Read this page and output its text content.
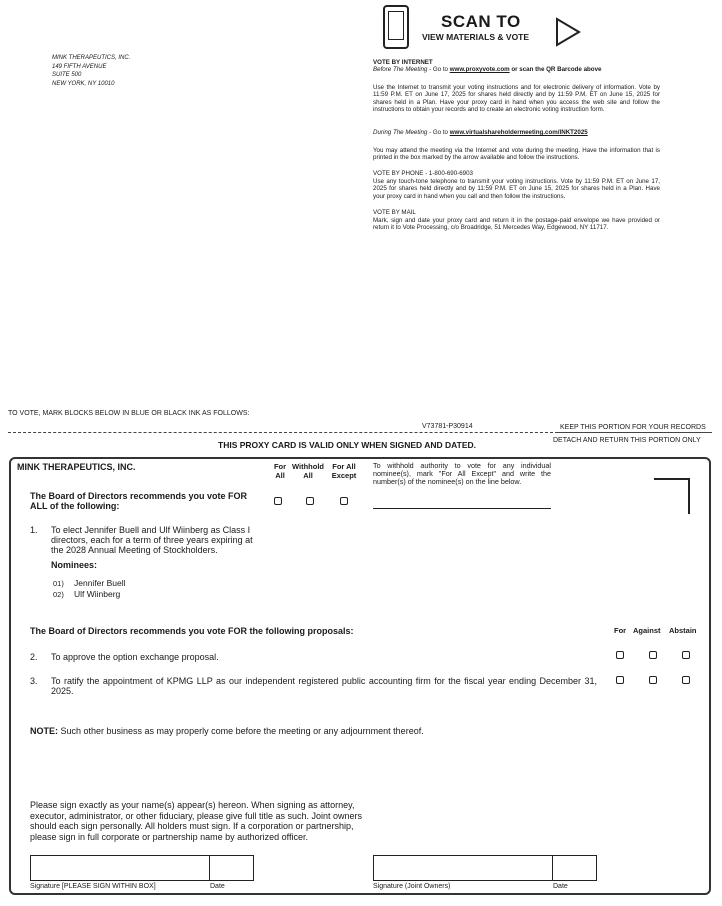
MINK THERAPEUTICS, INC.
149 FIFTH AVENUE
SUITE 500
NEW YORK, NY 10010
SCAN TO
VIEW MATERIALS & VOTE
VOTE BY INTERNET
Before The Meeting - Go to www.proxyvote.com or scan the QR Barcode above
Use the Internet to transmit your voting instructions and for electronic delivery of information. Vote by 11:59 P.M. ET on June 17, 2025 for shares held directly and by 11:59 P.M. ET on June 15, 2025 for shares held in a Plan. Have your proxy card in hand when you access the web site and follow the instructions to obtain your records and to create an electronic voting instruction form.
During The Meeting - Go to www.virtualshareholdermeeting.com/INKT2025
You may attend the meeting via the Internet and vote during the meeting. Have the information that is printed in the box marked by the arrow available and follow the instructions.
VOTE BY PHONE - 1-800-690-6903
Use any touch-tone telephone to transmit your voting instructions. Vote by 11:59 P.M. ET on June 17, 2025 for shares held directly and by 11:59 P.M. ET on June 15, 2025 for shares held in a Plan. Have your proxy card in hand when you call and then follow the instructions.
VOTE BY MAIL
Mark, sign and date your proxy card and return it in the postage-paid envelope we have provided or return it to Vote Processing, c/o Broadridge, 51 Mercedes Way, Edgewood, NY 11717.
TO VOTE, MARK BLOCKS BELOW IN BLUE OR BLACK INK AS FOLLOWS:
V73781-P30914	KEEP THIS PORTION FOR YOUR RECORDS
DETACH AND RETURN THIS PORTION ONLY
THIS PROXY CARD IS VALID ONLY WHEN SIGNED AND DATED.
MINK THERAPEUTICS, INC.	For
All
Withhold
All
For All
Except
To withhold authority to vote for any individual nominee(s), mark "For All Except" and write the number(s) of the nominee(s) on the line below.
The Board of Directors recommends you vote FOR ALL of the following:
1. To elect Jennifer Buell and Ulf Wiinberg as Class I directors, each for a term of three years expiring at the 2028 Annual Meeting of Stockholders.
Nominees:
01) Jennifer Buell
02) Ulf Wiinberg
The Board of Directors recommends you vote FOR the following proposals:	For Against Abstain
2. To approve the option exchange proposal.
3. To ratify the appointment of KPMG LLP as our independent registered public accounting firm for the fiscal year ending December 31, 2025.
NOTE: Such other business as may properly come before the meeting or any adjournment thereof.
Please sign exactly as your name(s) appear(s) hereon. When signing as attorney, executor, administrator, or other fiduciary, please give full title as such. Joint owners should each sign personally. All holders must sign. If a corporation or partnership, please sign in full corporate or partnership name by authorized officer.
Signature [PLEASE SIGN WITHIN BOX]	Date	Signature (Joint Owners)	Date
